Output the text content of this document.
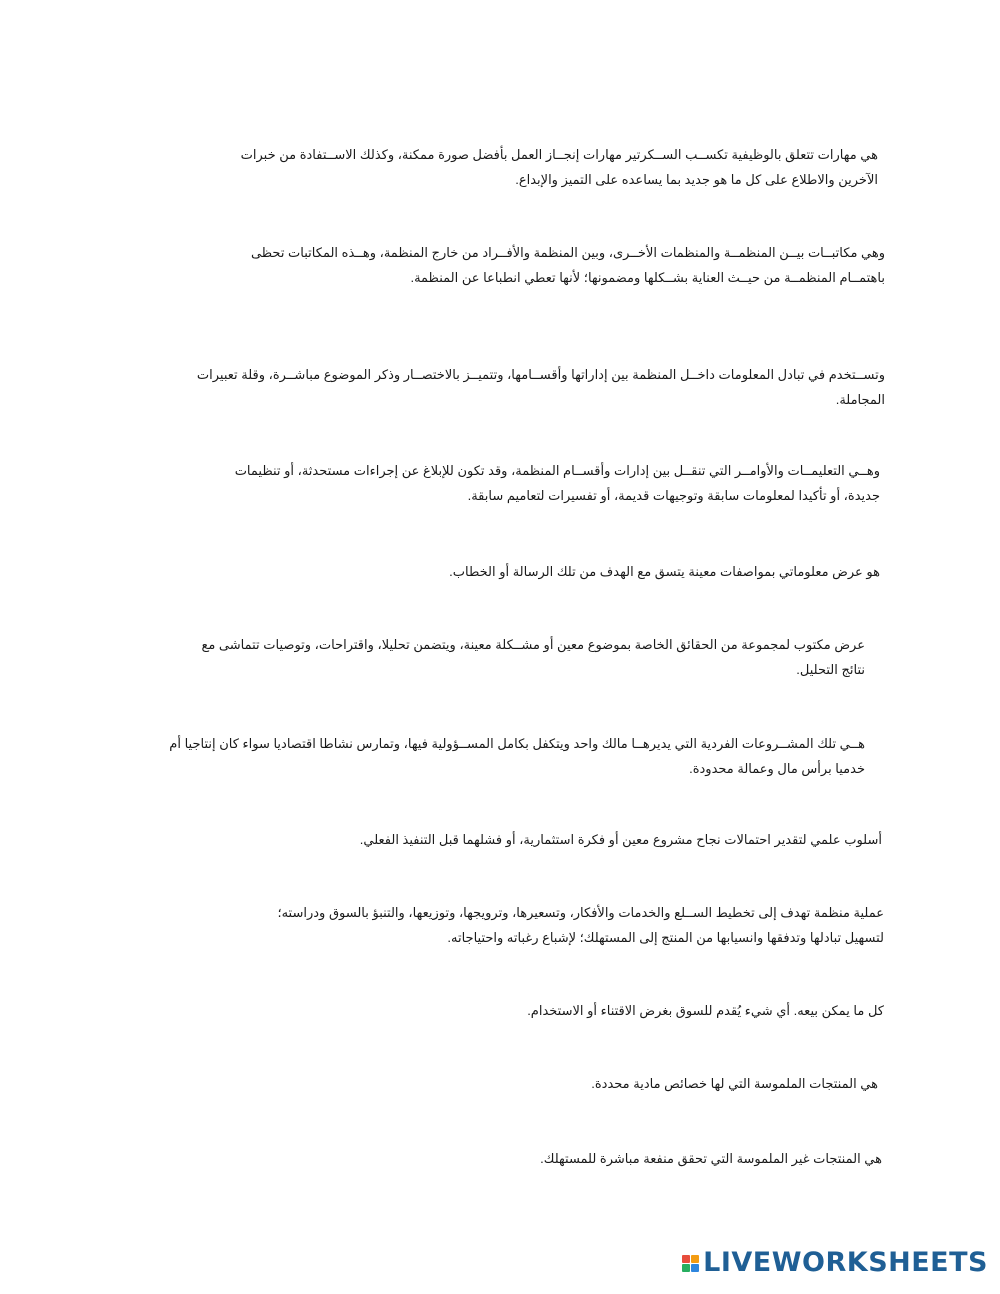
هي مهارات تتعلق بالوظيفية تكســب الســكرتير مهارات إنجــاز العمل بأفضل صورة ممكنة، وكذلك الاســتفادة من خبرات
الآخرين والاطلاع على كل ما هو جديد بما يساعده على التميز والإبداع.

وهي مكاتبــات بيــن المنظمــة والمنظمات الأخــرى، وبين المنظمة والأفــراد من خارج المنظمة، وهــذه المكاتبات تحظى
باهتمــام المنظمــة من حيــث العناية بشــكلها ومضمونها؛ لأنها تعطي انطباعا عن المنظمة.

وتســتخدم في تبادل المعلومات داخــل المنظمة بين إداراتها وأقســامها، وتتميــز بالاختصــار وذكر الموضوع مباشــرة، وقلة تعبيرات
المجاملة.

وهــي التعليمــات والأوامــر التي تنقــل بين إدارات وأقســام المنظمة، وقد تكون للإبلاغ عن إجراءات مستحدثة، أو تنظيمات
جديدة، أو تأكيدا لمعلومات سابقة وتوجيهات قديمة، أو تفسيرات لتعاميم سابقة.

هو عرض معلوماتي بمواصفات معينة يتسق مع الهدف من تلك الرسالة أو الخطاب.

عرض مكتوب لمجموعة من الحقائق الخاصة بموضوع معين أو مشــكلة معينة، ويتضمن تحليلا، واقتراحات، وتوصيات تتماشى مع
نتائج التحليل.

هــي تلك المشــروعات الفردية التي يديرهــا مالك واحد ويتكفل بكامل المســؤولية فيها، وتمارس نشاطا اقتصاديا سواء كان إنتاجيا أم
خدميا برأس مال وعمالة محدودة.

أسلوب علمي لتقدير احتمالات نجاح مشروع معين أو فكرة استثمارية، أو فشلهما قبل التنفيذ الفعلي.

عملية منظمة تهدف إلى تخطيط الســلع والخدمات والأفكار، وتسعيرها، وترويجها، وتوزيعها، والتنبؤ بالسوق ودراسته؛
لتسهيل تبادلها وتدفقها وانسيابها من المنتج إلى المستهلك؛ لإشباع رغباته واحتياجاته.

كل ما يمكن بيعه. أي شيء يُقدم للسوق بغرض الاقتناء أو الاستخدام.

هي المنتجات الملموسة التي لها خصائص مادية محددة.

هي المنتجات غير الملموسة التي تحقق منفعة مباشرة للمستهلك.

LIVEWORKSHEETS
